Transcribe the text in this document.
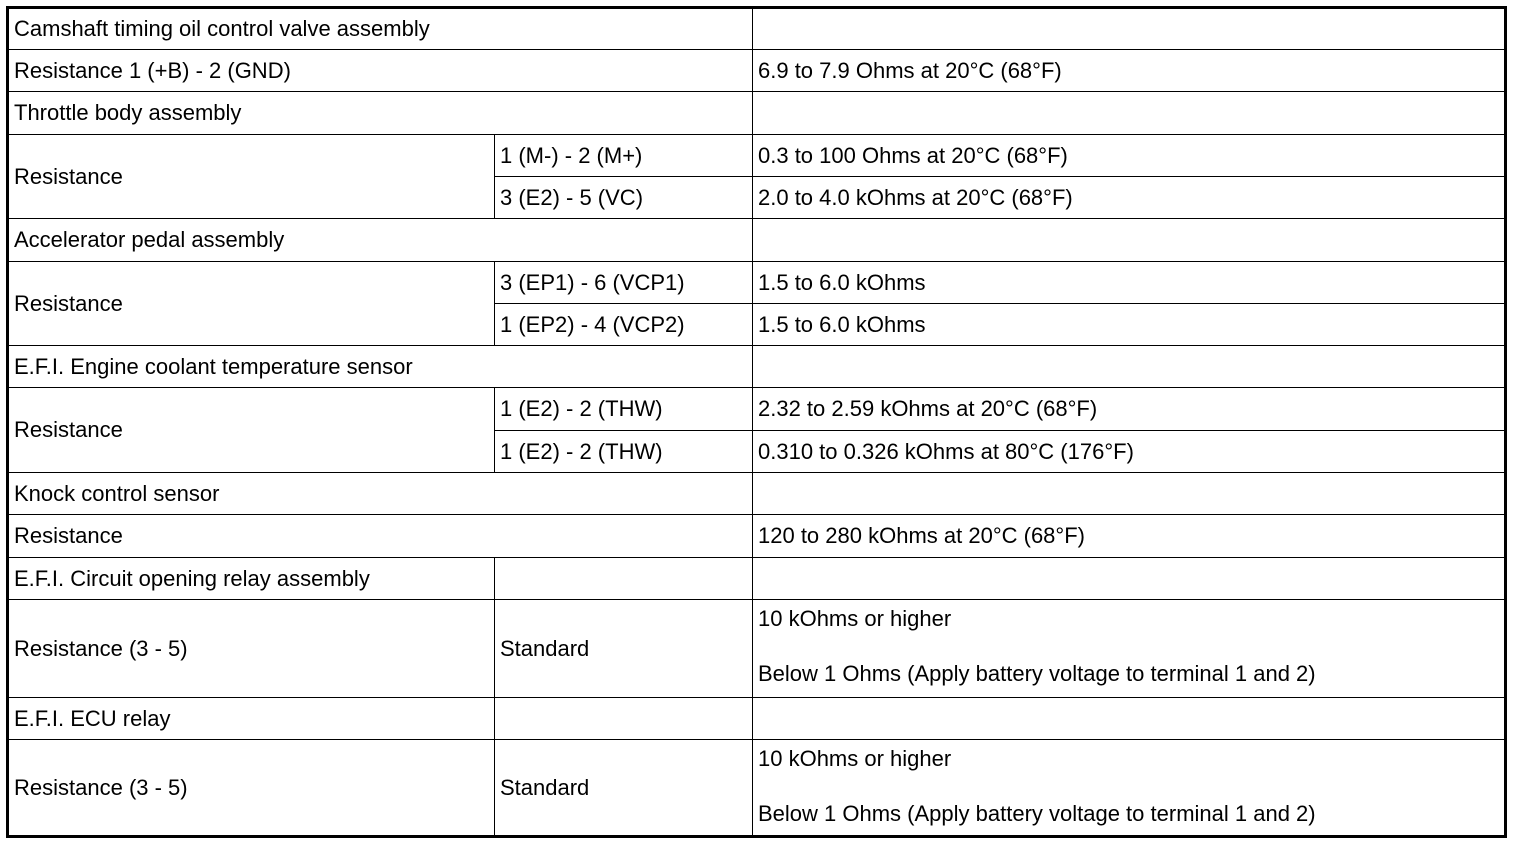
Camshaft timing oil control valve assembly		
Resistance 1 (+B) - 2 (GND)		6.9 to 7.9 Ohms at 20°C (68°F)
Throttle body assembly		
Resistance	1 (M-) - 2 (M+)	0.3 to 100 Ohms at 20°C (68°F)
	3 (E2) - 5 (VC)	2.0 to 4.0 kOhms at 20°C (68°F)
Accelerator pedal assembly		
Resistance	3 (EP1) - 6 (VCP1)	1.5 to 6.0 kOhms
	1 (EP2) - 4 (VCP2)	1.5 to 6.0 kOhms
E.F.I. Engine coolant temperature sensor		
Resistance	1 (E2) - 2 (THW)	2.32 to 2.59 kOhms at 20°C (68°F)
	1 (E2) - 2 (THW)	0.310 to 0.326 kOhms at 80°C (176°F)
Knock control sensor		
Resistance		120 to 280 kOhms at 20°C (68°F)
E.F.I. Circuit opening relay assembly		
Resistance (3 - 5)	Standard	10 kOhms or higher
Below 1 Ohms (Apply battery voltage to terminal 1 and 2)

E.F.I. ECU relay		
Resistance (3 - 5)	Standard	10 kOhms or higher
Below 1 Ohms (Apply battery voltage to terminal 1 and 2)
